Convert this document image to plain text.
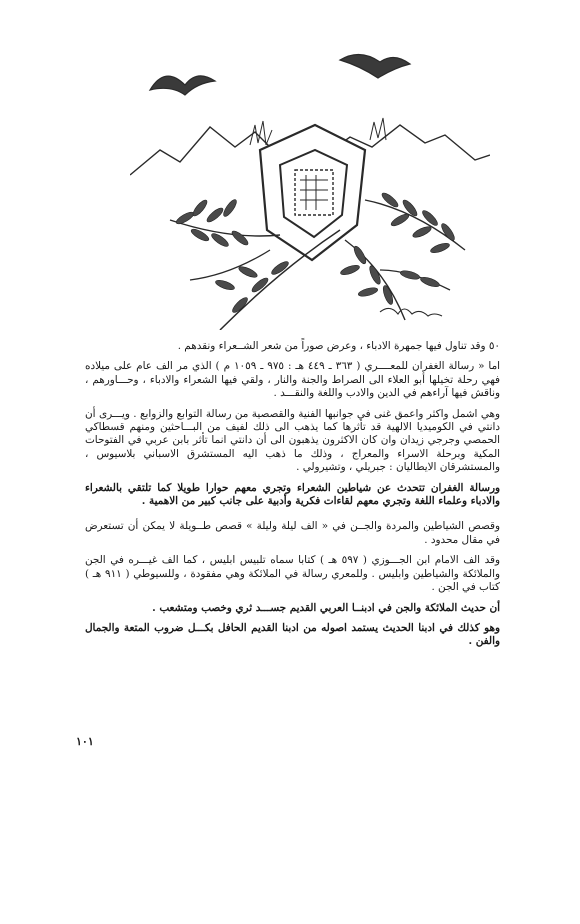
٥٠ وقد تناول فيها جمهرة الادباء ، وعرض صوراً من شعر الشــعراء ونقدهم .

اما « رسالة الغفران للمعــــري ( ٣٦٣ ـ ٤٤٩ هـ : ٩٧٥ ـ ١٠٥٩ م ) الذي مر الف عام على ميلاده فهي رحلة تخيلها أبو العلاء الى الصراط والجنة والنار ، ولقي فيها الشعراء والادباء ، وحـــاورهم ، وناقش فيها آراءهم في الدين والادب واللغة والنقـــد .

وهي اشمل واكثر واعمق غنى في جوانبها الفنية والقصصية من رسالة التوابع والزوابع . ويـــرى أن دانتي في الكوميديا الالهية قد تأثرها كما يذهب الى ذلك لفيف من البـــاحثين ومنهم قسطاكي الحمصي وجرجي زيدان وان كان الاكثرون يذهبون الى أن دانتي انما تأثر بابن عربي في الفتوحات المكية وبرحلة الاسراء والمعراج ، وذلك ما ذهب اليه المستشرق الاسباني بلاسيوس ، والمستشرقان الايطاليان : جبريلي ، وتشيرولي .

ورسالة الغفران تتحدث عن شياطين الشعراء وتجري معهم حوارا طويلا كما تلتقي بالشعراء والادباء وعلماء اللغة وتجري معهم لقاءات فكرية وأدبية على جانب كبير من الاهمية .

وقصص الشياطين والمردة والجــن في « الف ليلة وليلة » قصص طــويلة لا يمكن أن تستعرض في مقال محدود .

وقد الف الامام ابن الجـــوزي ( ٥٩٧ هـ ) كتابا سماه تلبيس ابليس ، كما الف غيـــره في الجن والملائكة والشياطين وابليس . وللمعري رسالة في الملائكة وهي مفقودة ، وللسيوطي ( ٩١١ هـ ) كتاب في الجن .

أن حديث الملائكة والجن في ادبنــا العربي القديم جســـد ثري وخصب ومتشعب .

وهو كذلك في ادبنا الحديث يستمد اصوله من ادبنا القديم الحافل بكـــل ضروب المتعة والجمال والفن .

١٠١
